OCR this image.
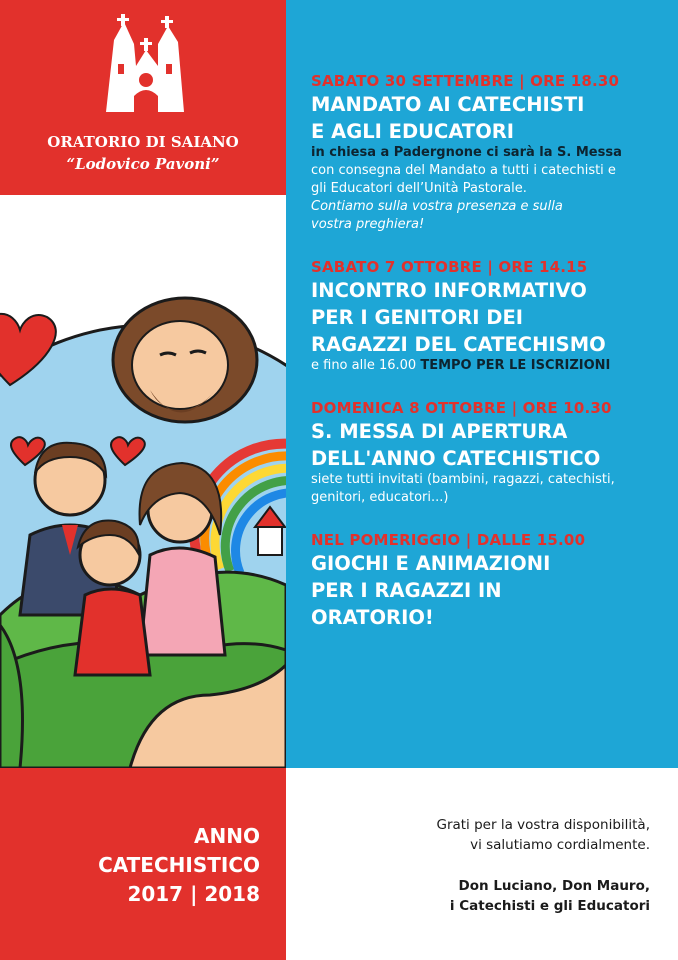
ORATORIO DI SAIANO
“Lodovico Pavoni”
SABATO 30 SETTEMBRE | ORE 18.30
MANDATO AI CATECHISTI
E AGLI EDUCATORI
in chiesa a Padergnone ci sarà la S. Messa
con consegna del Mandato a tutti i catechisti e
gli Educatori dell’Unità Pastorale.
Contiamo sulla vostra presenza e sulla
vostra preghiera!
SABATO 7 OTTOBRE | ORE 14.15
INCONTRO INFORMATIVO
PER I GENITORI DEI
RAGAZZI DEL CATECHISMO
e fino alle 16.00 TEMPO PER LE ISCRIZIONI
DOMENICA 8 OTTOBRE | ORE 10.30
S. MESSA DI APERTURA
DELL'ANNO CATECHISTICO
siete tutti invitati (bambini, ragazzi, catechisti,
genitori, educatori...)
NEL POMERIGGIO | DALLE 15.00
GIOCHI E ANIMAZIONI
PER I RAGAZZI IN
ORATORIO!
ANNO
CATECHISTICO
2017 | 2018
Grati per la vostra disponibilità,
vi salutiamo cordialmente.
Don Luciano, Don Mauro,
i Catechisti e gli Educatori
